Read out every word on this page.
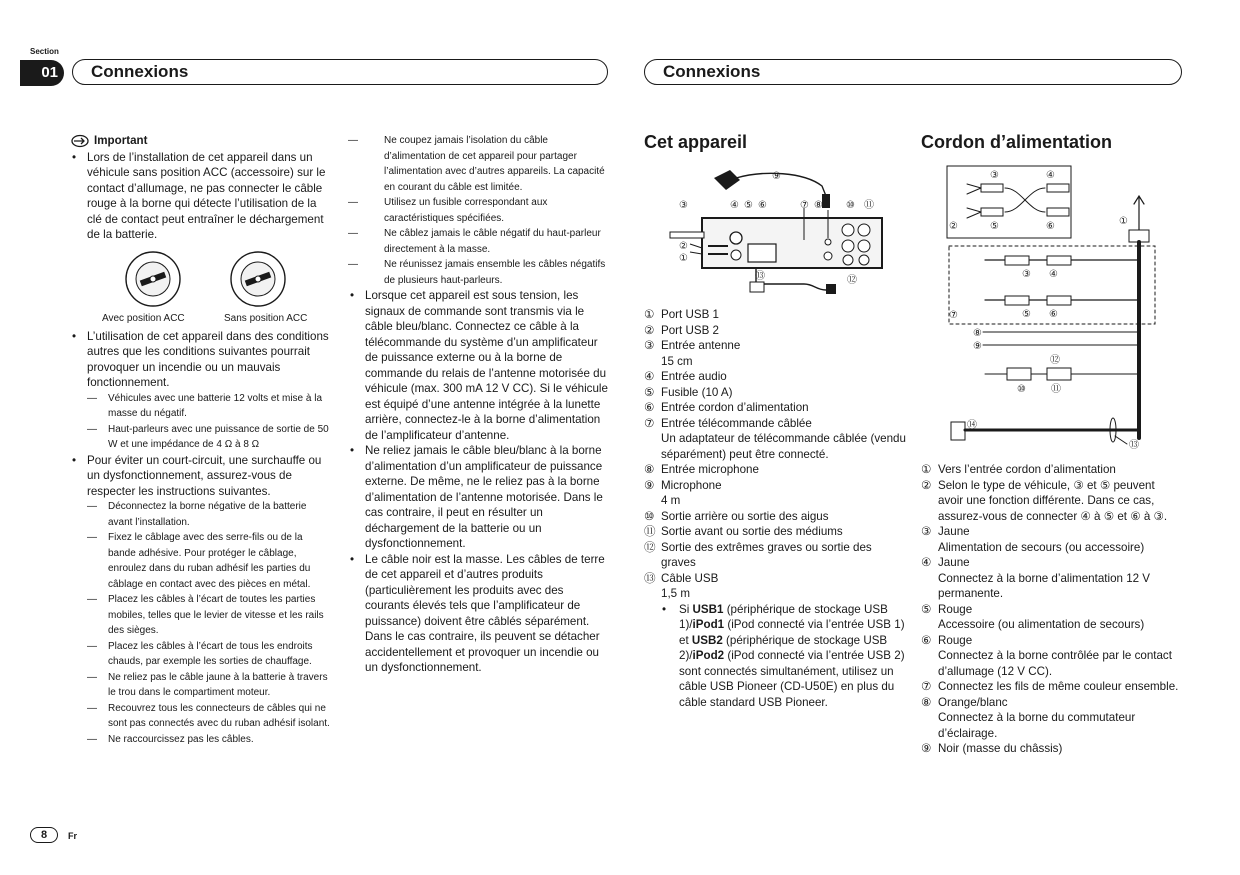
Section
01	Connexions	Connexions
Important

• Lors de l’installation de cet appareil dans un véhicule sans position ACC (accessoire) sur le contact d’allumage, ne pas connecter le câble rouge à la borne qui détecte l’utilisation de la clé de contact peut entraîner le déchargement de la batterie.

Avec position ACC	Sans position ACC

• L’utilisation de cet appareil dans des conditions autres que les conditions suivantes pourrait provoquer un incendie ou un mauvais fonctionnement.

— Véhicules avec une batterie 12 volts et mise à la masse du négatif.

— Haut-parleurs avec une puissance de sortie de 50 W et une impédance de 4 Ω à 8 Ω

• Pour éviter un court-circuit, une surchauffe ou un dysfonctionnement, assurez-vous de respecter les instructions suivantes.

— Déconnectez la borne négative de la batterie avant l’installation.

— Fixez le câblage avec des serre-fils ou de la bande adhésive. Pour protéger le câblage, enroulez dans du ruban adhésif les parties du câblage en contact avec des pièces en métal.

— Placez les câbles à l’écart de toutes les parties mobiles, telles que le levier de vitesse et les rails des sièges.

— Placez les câbles à l’écart de tous les endroits chauds, par exemple les sorties de chauffage.

— Ne reliez pas le câble jaune à la batterie à travers le trou dans le compartiment moteur.

— Recouvrez tous les connecteurs de câbles qui ne sont pas connectés avec du ruban adhésif isolant.

— Ne raccourcissez pas les câbles.

— Ne coupez jamais l’isolation du câble d’alimentation de cet appareil pour partager l’alimentation avec d’autres appareils. La capacité en courant du câble est limitée.

— Utilisez un fusible correspondant aux caractéristiques spécifiées.

— Ne câblez jamais le câble négatif du haut-parleur directement à la masse.

— Ne réunissez jamais ensemble les câbles négatifs de plusieurs haut-parleurs.

• Lorsque cet appareil est sous tension, les signaux de commande sont transmis via le câble bleu/blanc. Connectez ce câble à la télécommande du système d’un amplificateur de puissance externe ou à la borne de commande du relais de l’antenne motorisée du véhicule (max. 300 mA 12 V CC). Si le véhicule est équipé d’une antenne intégrée à la lunette arrière, connectez-le à la borne d’alimentation de l’amplificateur d’antenne.

• Ne reliez jamais le câble bleu/blanc à la borne d’alimentation d’un amplificateur de puissance externe. De même, ne le reliez pas à la borne d’alimentation de l’antenne motorisée. Dans le cas contraire, il peut en résulter un déchargement de la batterie ou un dysfonctionnement.

• Le câble noir est la masse. Les câbles de terre de cet appareil et d’autres produits (particulièrement les produits avec des courants élevés tels que l’amplificateur de puissance) doivent être câblés séparément. Dans le cas contraire, ils peuvent se détacher accidentellement et provoquer un incendie ou un dysfonctionnement.

Cet appareil
⑨
③	④ ⑤ ⑥	⑦ ⑧ ⑩ ⑪
②
①
⑬	⑫
① Port USB 1
② Port USB 2
③ Entrée antenne
15 cm
④ Entrée audio
⑤ Fusible (10 A)
⑥ Entrée cordon d’alimentation
⑦ Entrée télécommande câblée
Un adaptateur de télécommande câblée (vendu séparément) peut être connecté.
⑧ Entrée microphone
⑨ Microphone
4 m
⑩ Sortie arrière ou sortie des aigus
⑪ Sortie avant ou sortie des médiums
⑫ Sortie des extrêmes graves ou sortie des graves
⑬ Câble USB
1,5 m
• Si USB1 (périphérique de stockage USB 1)/iPod1 (iPod connecté via l’entrée USB 1) et USB2 (périphérique de stockage USB 2)/iPod2 (iPod connecté via l’entrée USB 2) sont connectés simultanément, utilisez un câble USB Pioneer (CD-U50E) en plus du câble standard USB Pioneer.
Cordon d’alimentation
③	④
②	⑤	⑥	①
③ ④
⑦	⑤ ⑥
⑧
⑨
⑫
⑩	⑪
⑭
⑬
① Vers l’entrée cordon d’alimentation
② Selon le type de véhicule, ③ et ⑤ peuvent avoir une fonction différente. Dans ce cas, assurez-vous de connecter ④ à ⑤ et ⑥ à ③.
③ Jaune
Alimentation de secours (ou accessoire)
④ Jaune
Connectez à la borne d’alimentation 12 V permanente.
⑤ Rouge
Accessoire (ou alimentation de secours)
⑥ Rouge
Connectez à la borne contrôlée par le contact d’allumage (12 V CC).
⑦ Connectez les fils de même couleur ensemble.
⑧ Orange/blanc
Connectez à la borne du commutateur d’éclairage.
⑨ Noir (masse du châssis)
8	Fr
